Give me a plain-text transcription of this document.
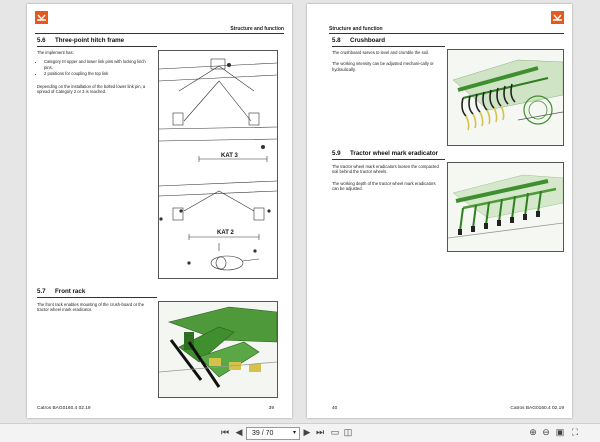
Structure and function
5.6 Three-point hitch frame
The implement has:
• Category III upper and lower link pins with locking linch pins.
• 2 positions for coupling the top link
Depending on the installation of the bolted lower link pin, a spread of Category 2 or 3 is reached.
KAT 3
KAT 2
5.7 Front rack
The front rack enables mounting of the crush-board or the tractor wheel mark eradicator.
Catros BAG0160.4 02.19	39
Structure and function
5.8 Crushboard
The crushboard serves to level and crumble the soil.
The working intensity can be adjusted mechani-cally or hydraulically.
5.9 Tractor wheel mark eradicator
The tractor wheel mark eradicators loosen the compacted soil behind the tractor wheels.
The working depth of the tractor wheel mark eradicators can be adjusted.
40	Catros BAG0160.4 02.19
⏮ ◀	39 / 70	▾ ▶ ⏭ ▭ ◫	⊕ ⊖ ▣ ⛶
